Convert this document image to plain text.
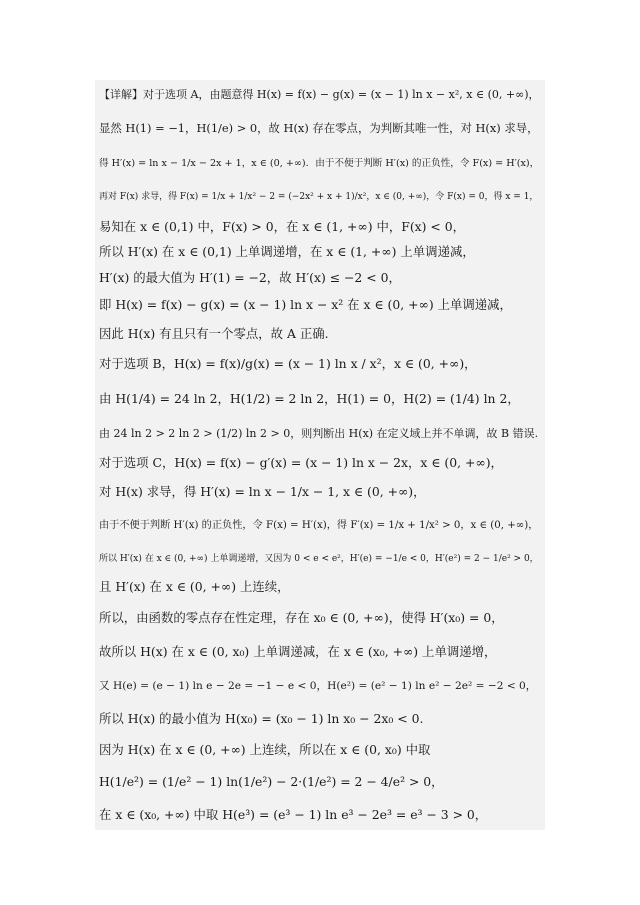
【详解】对于选项 A，由题意得 H(x) = f(x) − g(x) = (x − 1) ln x − x², x ∈ (0, +∞)，
显然 H(1) = −1，H(1/e) > 0，故 H(x) 存在零点，为判断其唯一性，对 H(x) 求导，
得 H′(x) = ln x − 1/x − 2x + 1，x ∈ (0, +∞)．由于不便于判断 H′(x) 的正负性，令 F(x) = H′(x)，
再对 F(x) 求导，得 F(x) = 1/x + 1/x² − 2 = (−2x² + x + 1)/x²，x ∈ (0, +∞)，令 F(x) = 0，得 x = 1，
易知在 x ∈ (0,1) 中，F(x) > 0，在 x ∈ (1, +∞) 中，F(x) < 0，
所以 H′(x) 在 x ∈ (0,1) 上单调递增，在 x ∈ (1, +∞) 上单调递减，
H′(x) 的最大值为 H′(1) = −2，故 H′(x) ≤ −2 < 0，
即 H(x) = f(x) − g(x) = (x − 1) ln x − x² 在 x ∈ (0, +∞) 上单调递减，
因此 H(x) 有且只有一个零点，故 A 正确.
对于选项 B，H(x) = f(x)/g(x) = (x − 1) ln x / x²，x ∈ (0, +∞)，
由 H(1/4) = 24 ln 2，H(1/2) = 2 ln 2，H(1) = 0，H(2) = (1/4) ln 2，
由 24 ln 2 > 2 ln 2 > (1/2) ln 2 > 0，则判断出 H(x) 在定义域上并不单调，故 B 错误.
对于选项 C，H(x) = f(x) − g′(x) = (x − 1) ln x − 2x，x ∈ (0, +∞)，
对 H(x) 求导，得 H′(x) = ln x − 1/x − 1, x ∈ (0, +∞)，
由于不便于判断 H′(x) 的正负性，令 F(x) = H′(x)，得 F′(x) = 1/x + 1/x² > 0，x ∈ (0, +∞)，
所以 H′(x) 在 x ∈ (0, +∞) 上单调递增，又因为 0 < e < e²，H′(e) = −1/e < 0，H′(e²) = 2 − 1/e² > 0，
且 H′(x) 在 x ∈ (0, +∞) 上连续，
所以，由函数的零点存在性定理，存在 x₀ ∈ (0, +∞)，使得 H′(x₀) = 0，
故所以 H(x) 在 x ∈ (0, x₀) 上单调递减，在 x ∈ (x₀, +∞) 上单调递增，
又 H(e) = (e − 1) ln e − 2e = −1 − e < 0，H(e²) = (e² − 1) ln e² − 2e² = −2 < 0，
所以 H(x) 的最小值为 H(x₀) = (x₀ − 1) ln x₀ − 2x₀ < 0.
因为 H(x) 在 x ∈ (0, +∞) 上连续，所以在 x ∈ (0, x₀) 中取
H(1/e²) = (1/e² − 1) ln(1/e²) − 2·(1/e²) = 2 − 4/e² > 0，
在 x ∈ (x₀, +∞) 中取 H(e³) = (e³ − 1) ln e³ − 2e³ = e³ − 3 > 0，
